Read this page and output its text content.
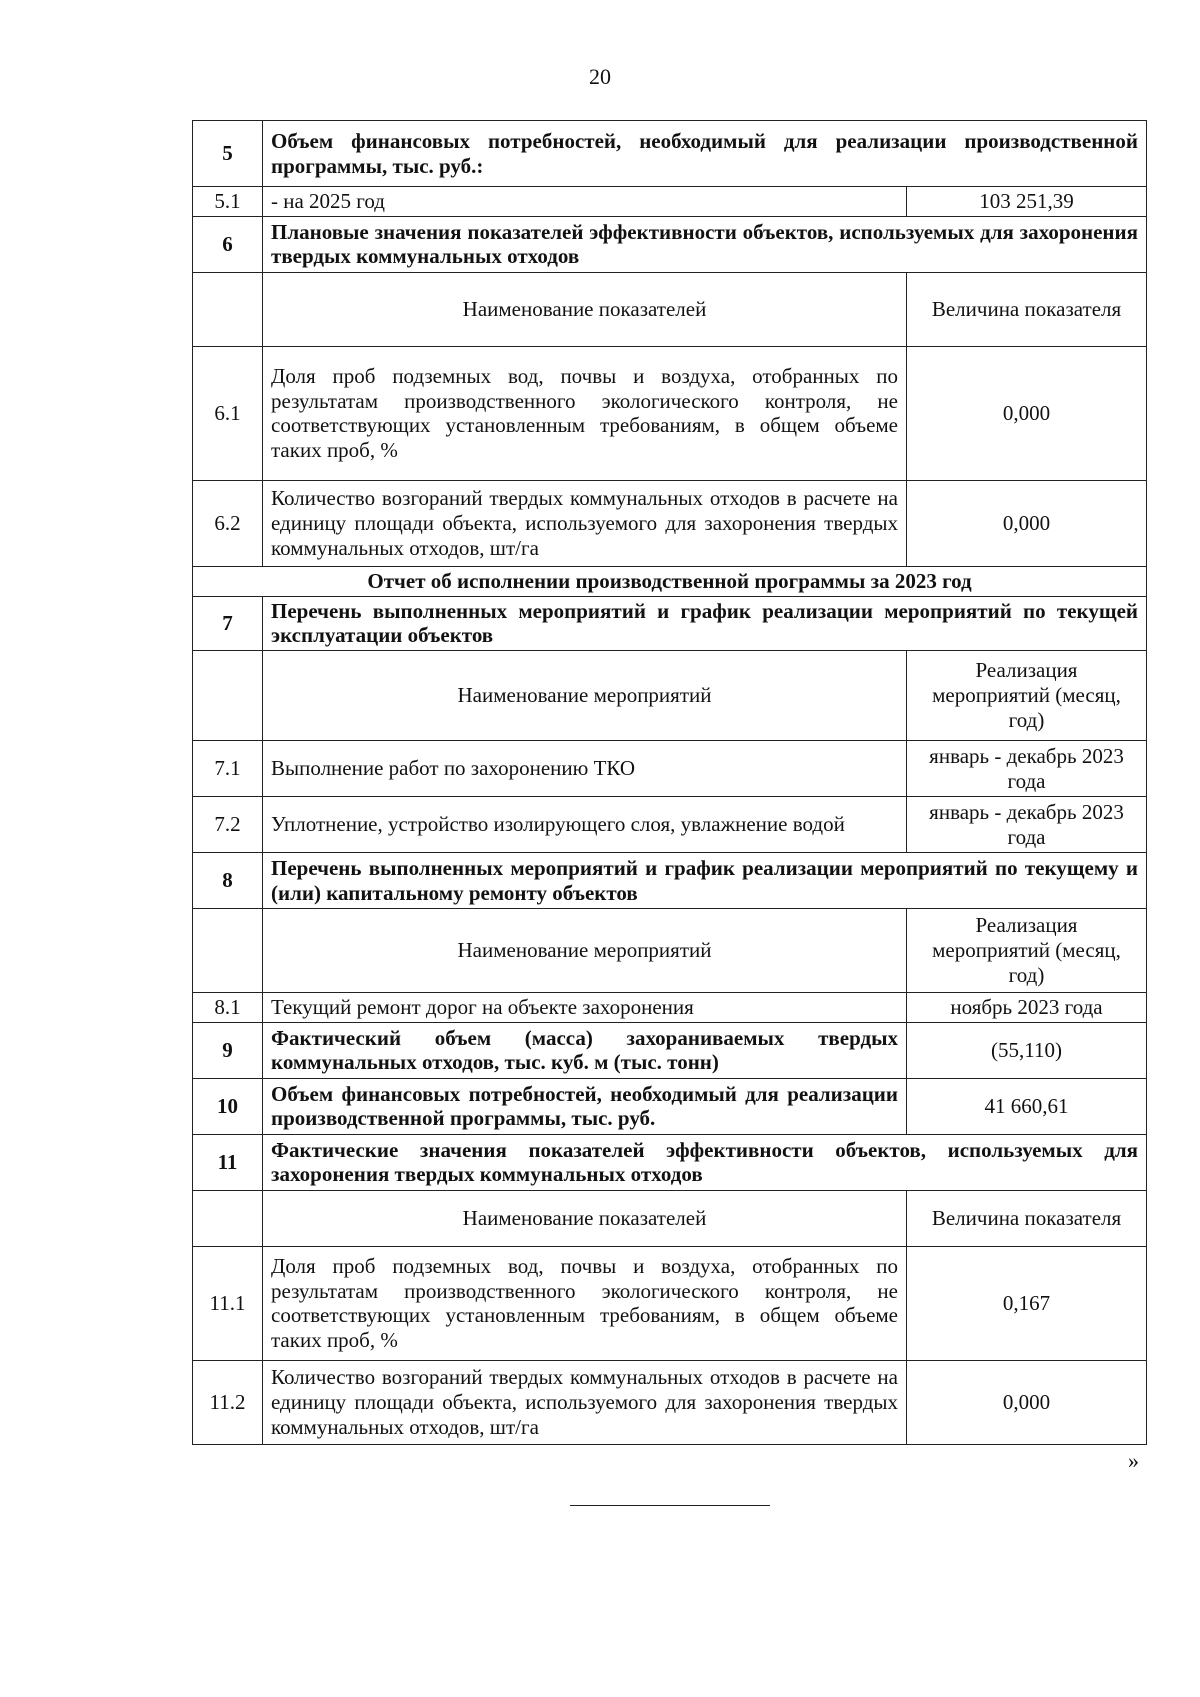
20
5	Объем финансовых потребностей, необходимый для реализации производственной программы, тыс. руб.:	
5.1	- на 2025 год	103 251,39
6	Плановые значения показателей эффективности объектов, используемых для захоронения твердых коммунальных отходов	
	Наименование показателей	Величина показателя
6.1	Доля проб подземных вод, почвы и воздуха, отобранных по результатам производственного экологического контроля, не соответствующих установленным требованиям, в общем объеме таких проб, %	0,000
6.2	Количество возгораний твердых коммунальных отходов в расчете на единицу площади объекта, используемого для захоронения твердых коммунальных отходов, шт/га	0,000
Отчет об исполнении производственной программы за 2023 год		
7	Перечень выполненных мероприятий и график реализации мероприятий по текущей эксплуатации объектов	
	Наименование мероприятий	Реализация мероприятий (месяц, год)
7.1	Выполнение работ по захоронению ТКО	январь - декабрь 2023 года
7.2	Уплотнение, устройство изолирующего слоя, увлажнение водой	январь - декабрь 2023 года
8	Перечень выполненных мероприятий и график реализации мероприятий по текущему и (или) капитальному ремонту объектов	
	Наименование мероприятий	Реализация мероприятий (месяц, год)
8.1	Текущий ремонт дорог на объекте захоронения	ноябрь 2023 года
9	Фактический объем (масса) захораниваемых твердых коммунальных отходов, тыс. куб. м (тыс. тонн)	(55,110)
10	Объем финансовых потребностей, необходимый для реализации производственной программы, тыс. руб.	41 660,61
11	Фактические значения показателей эффективности объектов, используемых для захоронения твердых коммунальных отходов	
	Наименование показателей	Величина показателя
11.1	Доля проб подземных вод, почвы и воздуха, отобранных по результатам производственного экологического контроля, не соответствующих установленным требованиям, в общем объеме таких проб, %	0,167
11.2	Количество возгораний твердых коммунальных отходов в расчете на единицу площади объекта, используемого для захоронения твердых коммунальных отходов, шт/га	0,000
»
